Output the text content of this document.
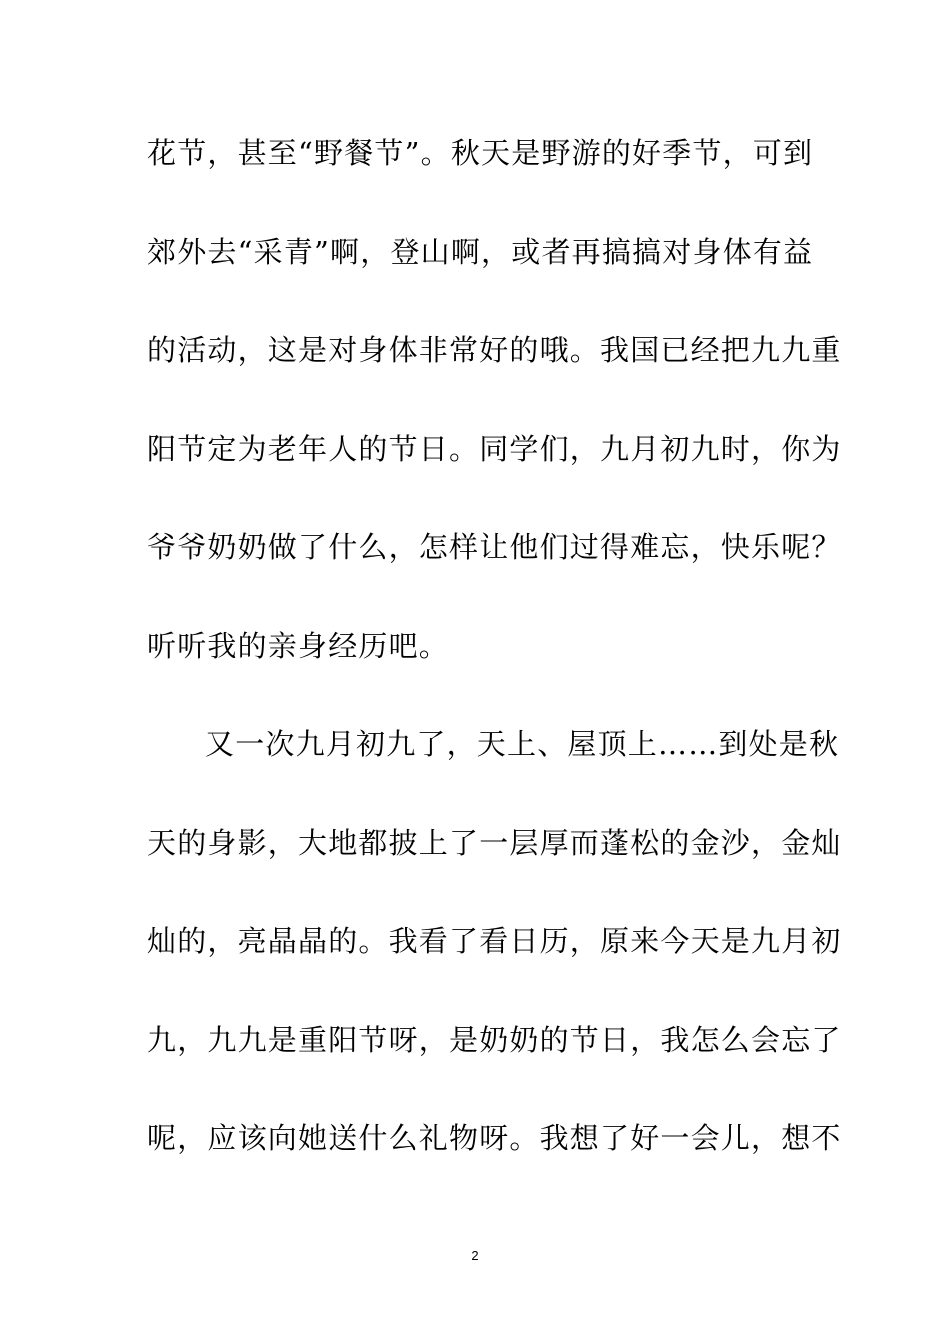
花节，甚至“野餐节”。秋天是野游的好季节，可到
郊外去“采青”啊，登山啊，或者再搞搞对身体有益
的活动，这是对身体非常好的哦。我国已经把九九重
阳节定为老年人的节日。同学们，九月初九时，你为
爷爷奶奶做了什么，怎样让他们过得难忘，快乐呢？
听听我的亲身经历吧。
又一次九月初九了，天上、屋顶上……到处是秋
天的身影，大地都披上了一层厚而蓬松的金沙，金灿
灿的，亮晶晶的。我看了看日历，原来今天是九月初
九，九九是重阳节呀，是奶奶的节日，我怎么会忘了
呢，应该向她送什么礼物呀。我想了好一会儿，想不
2
